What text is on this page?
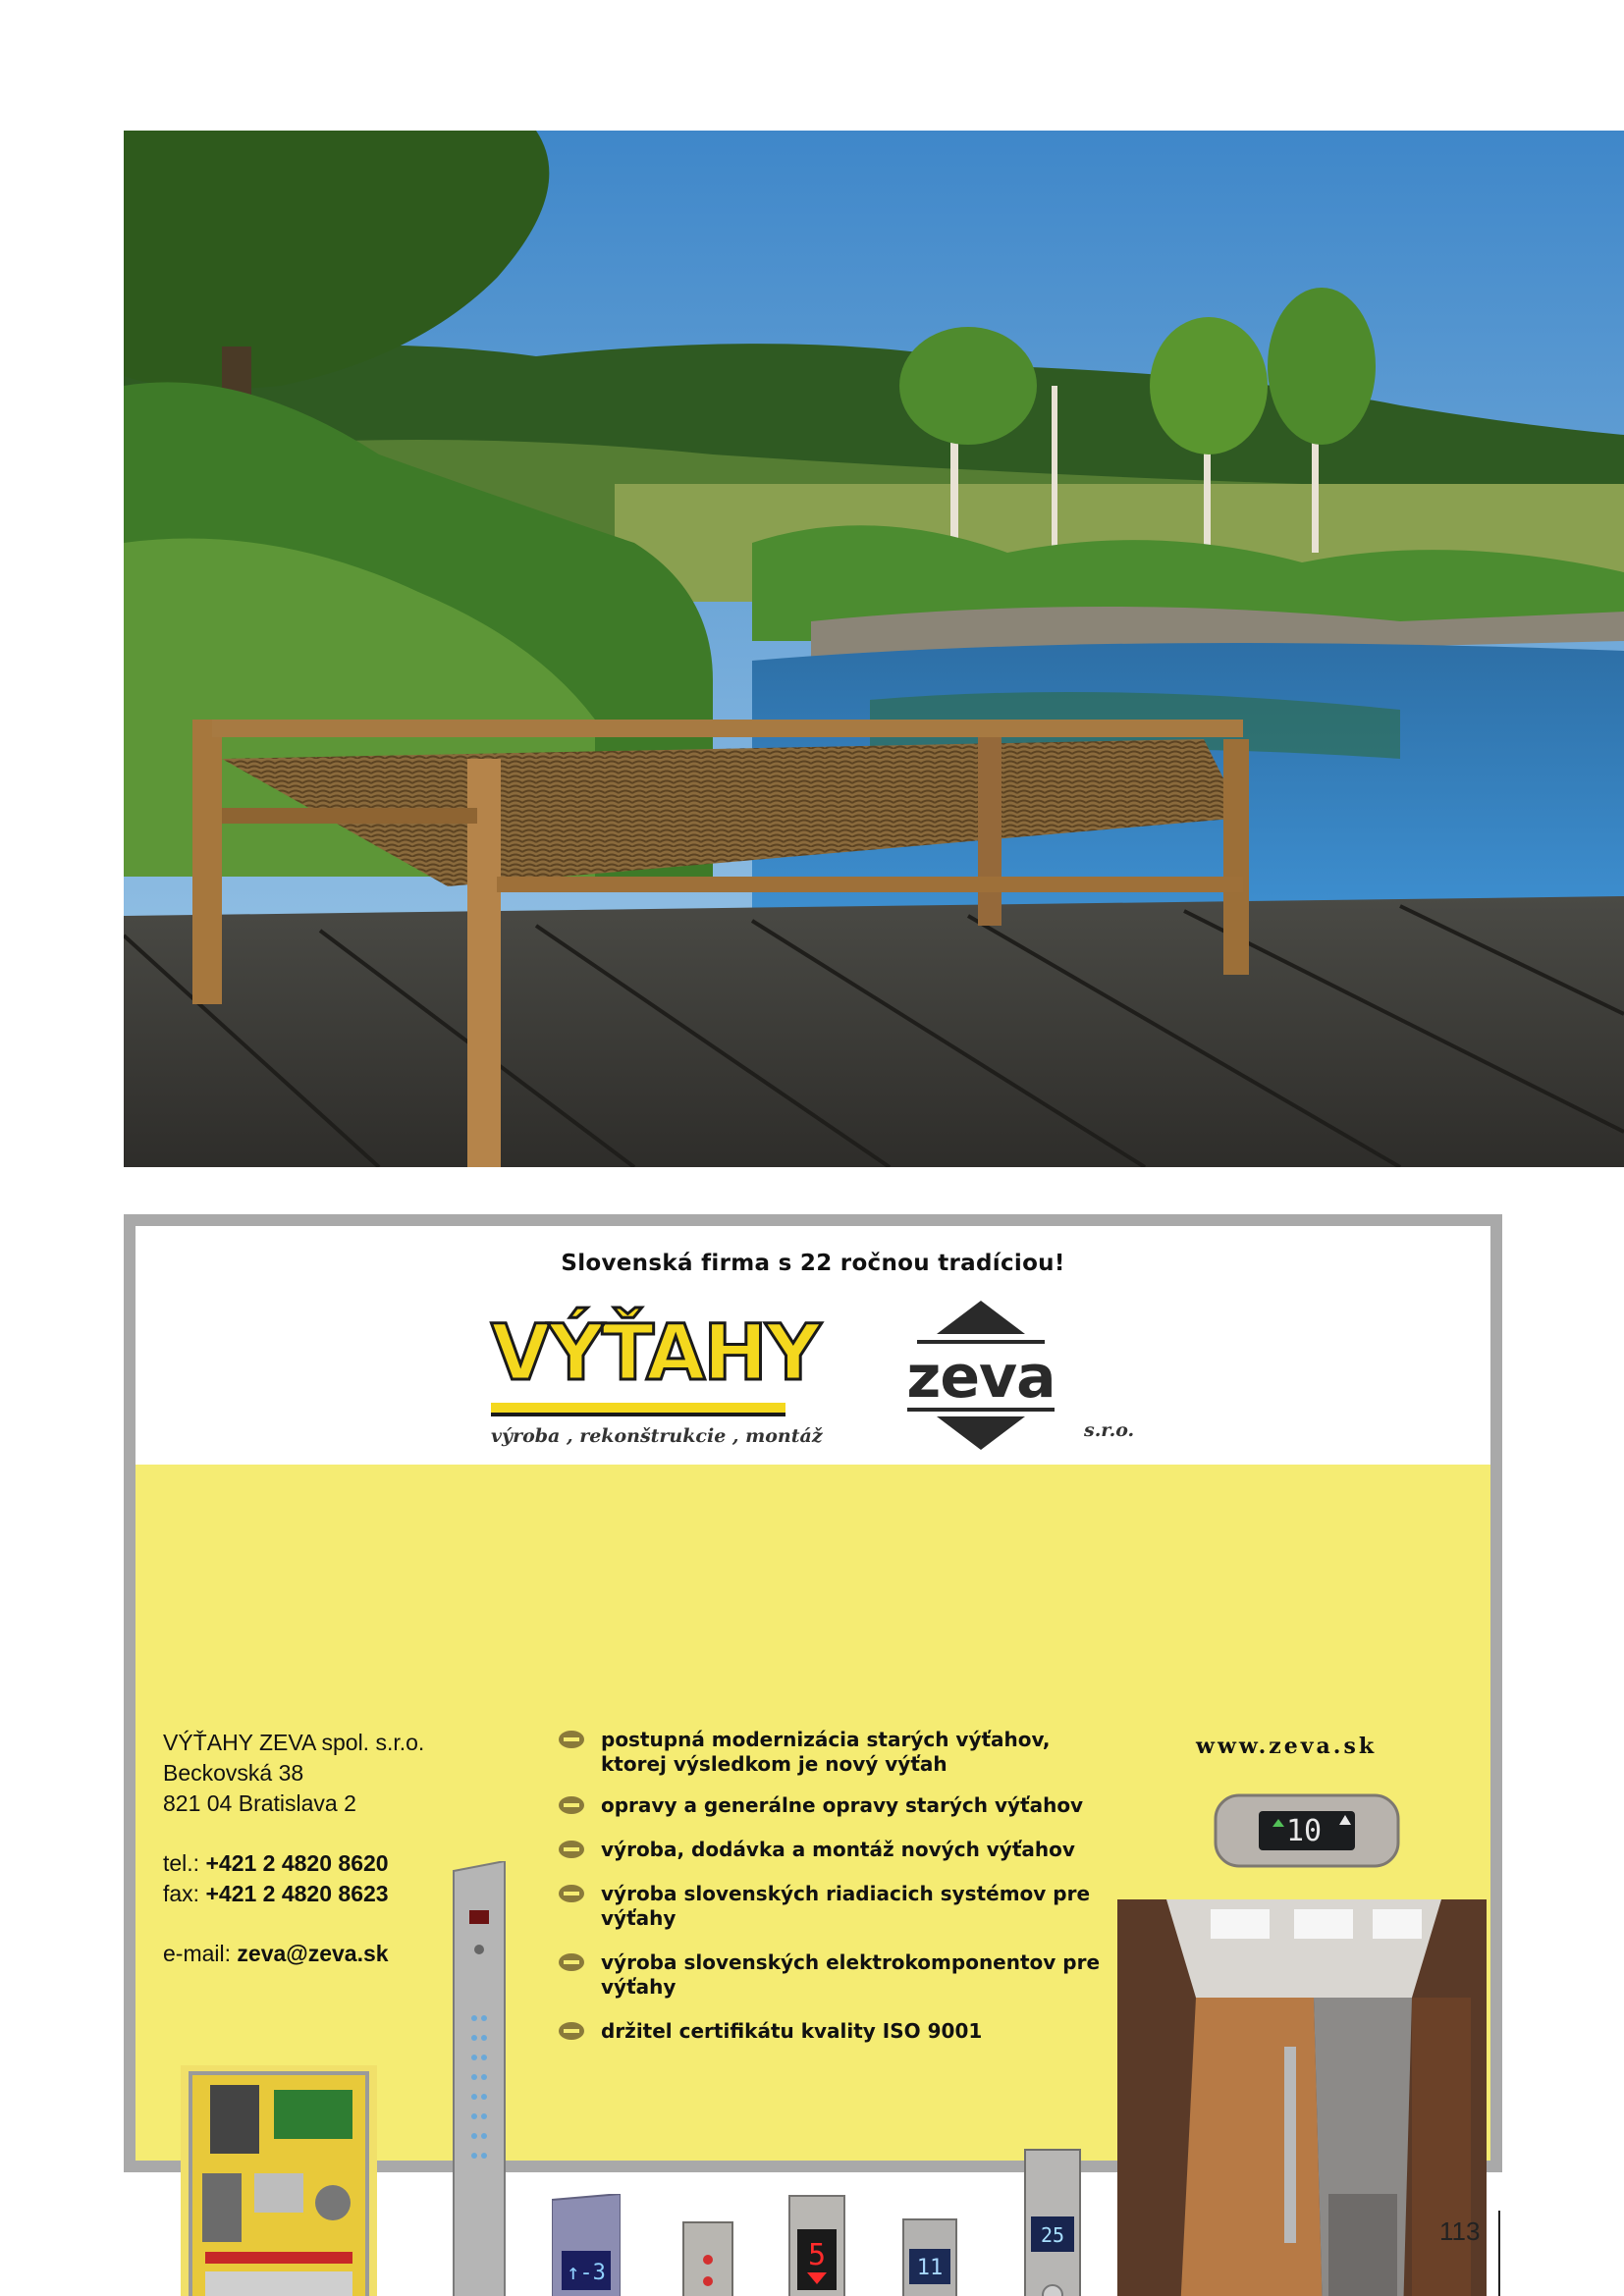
Slovenská firma s 22 ročnou tradíciou!
VÝŤAHY
výroba , rekonštrukcie , montáž
zeva
s.r.o.
VÝŤAHY ZEVA spol. s.r.o.
Beckovská 38
821 04 Bratislava 2
tel.: +421 2 4820 8620
fax: +421 2 4820 8623
e-mail: zeva@zeva.sk
postupná modernizácia starých výťahov, ktorej výsledkom je nový výťah
opravy a generálne opravy starých výťahov
výroba, dodávka a montáž nových výťahov
výroba slovenských riadiacich systémov pre výťahy
výroba slovenských elektrokomponentov pre výťahy
držitel certifikátu kvality ISO 9001
www.zeva.sk
10
↑-3
5	11
25	113
